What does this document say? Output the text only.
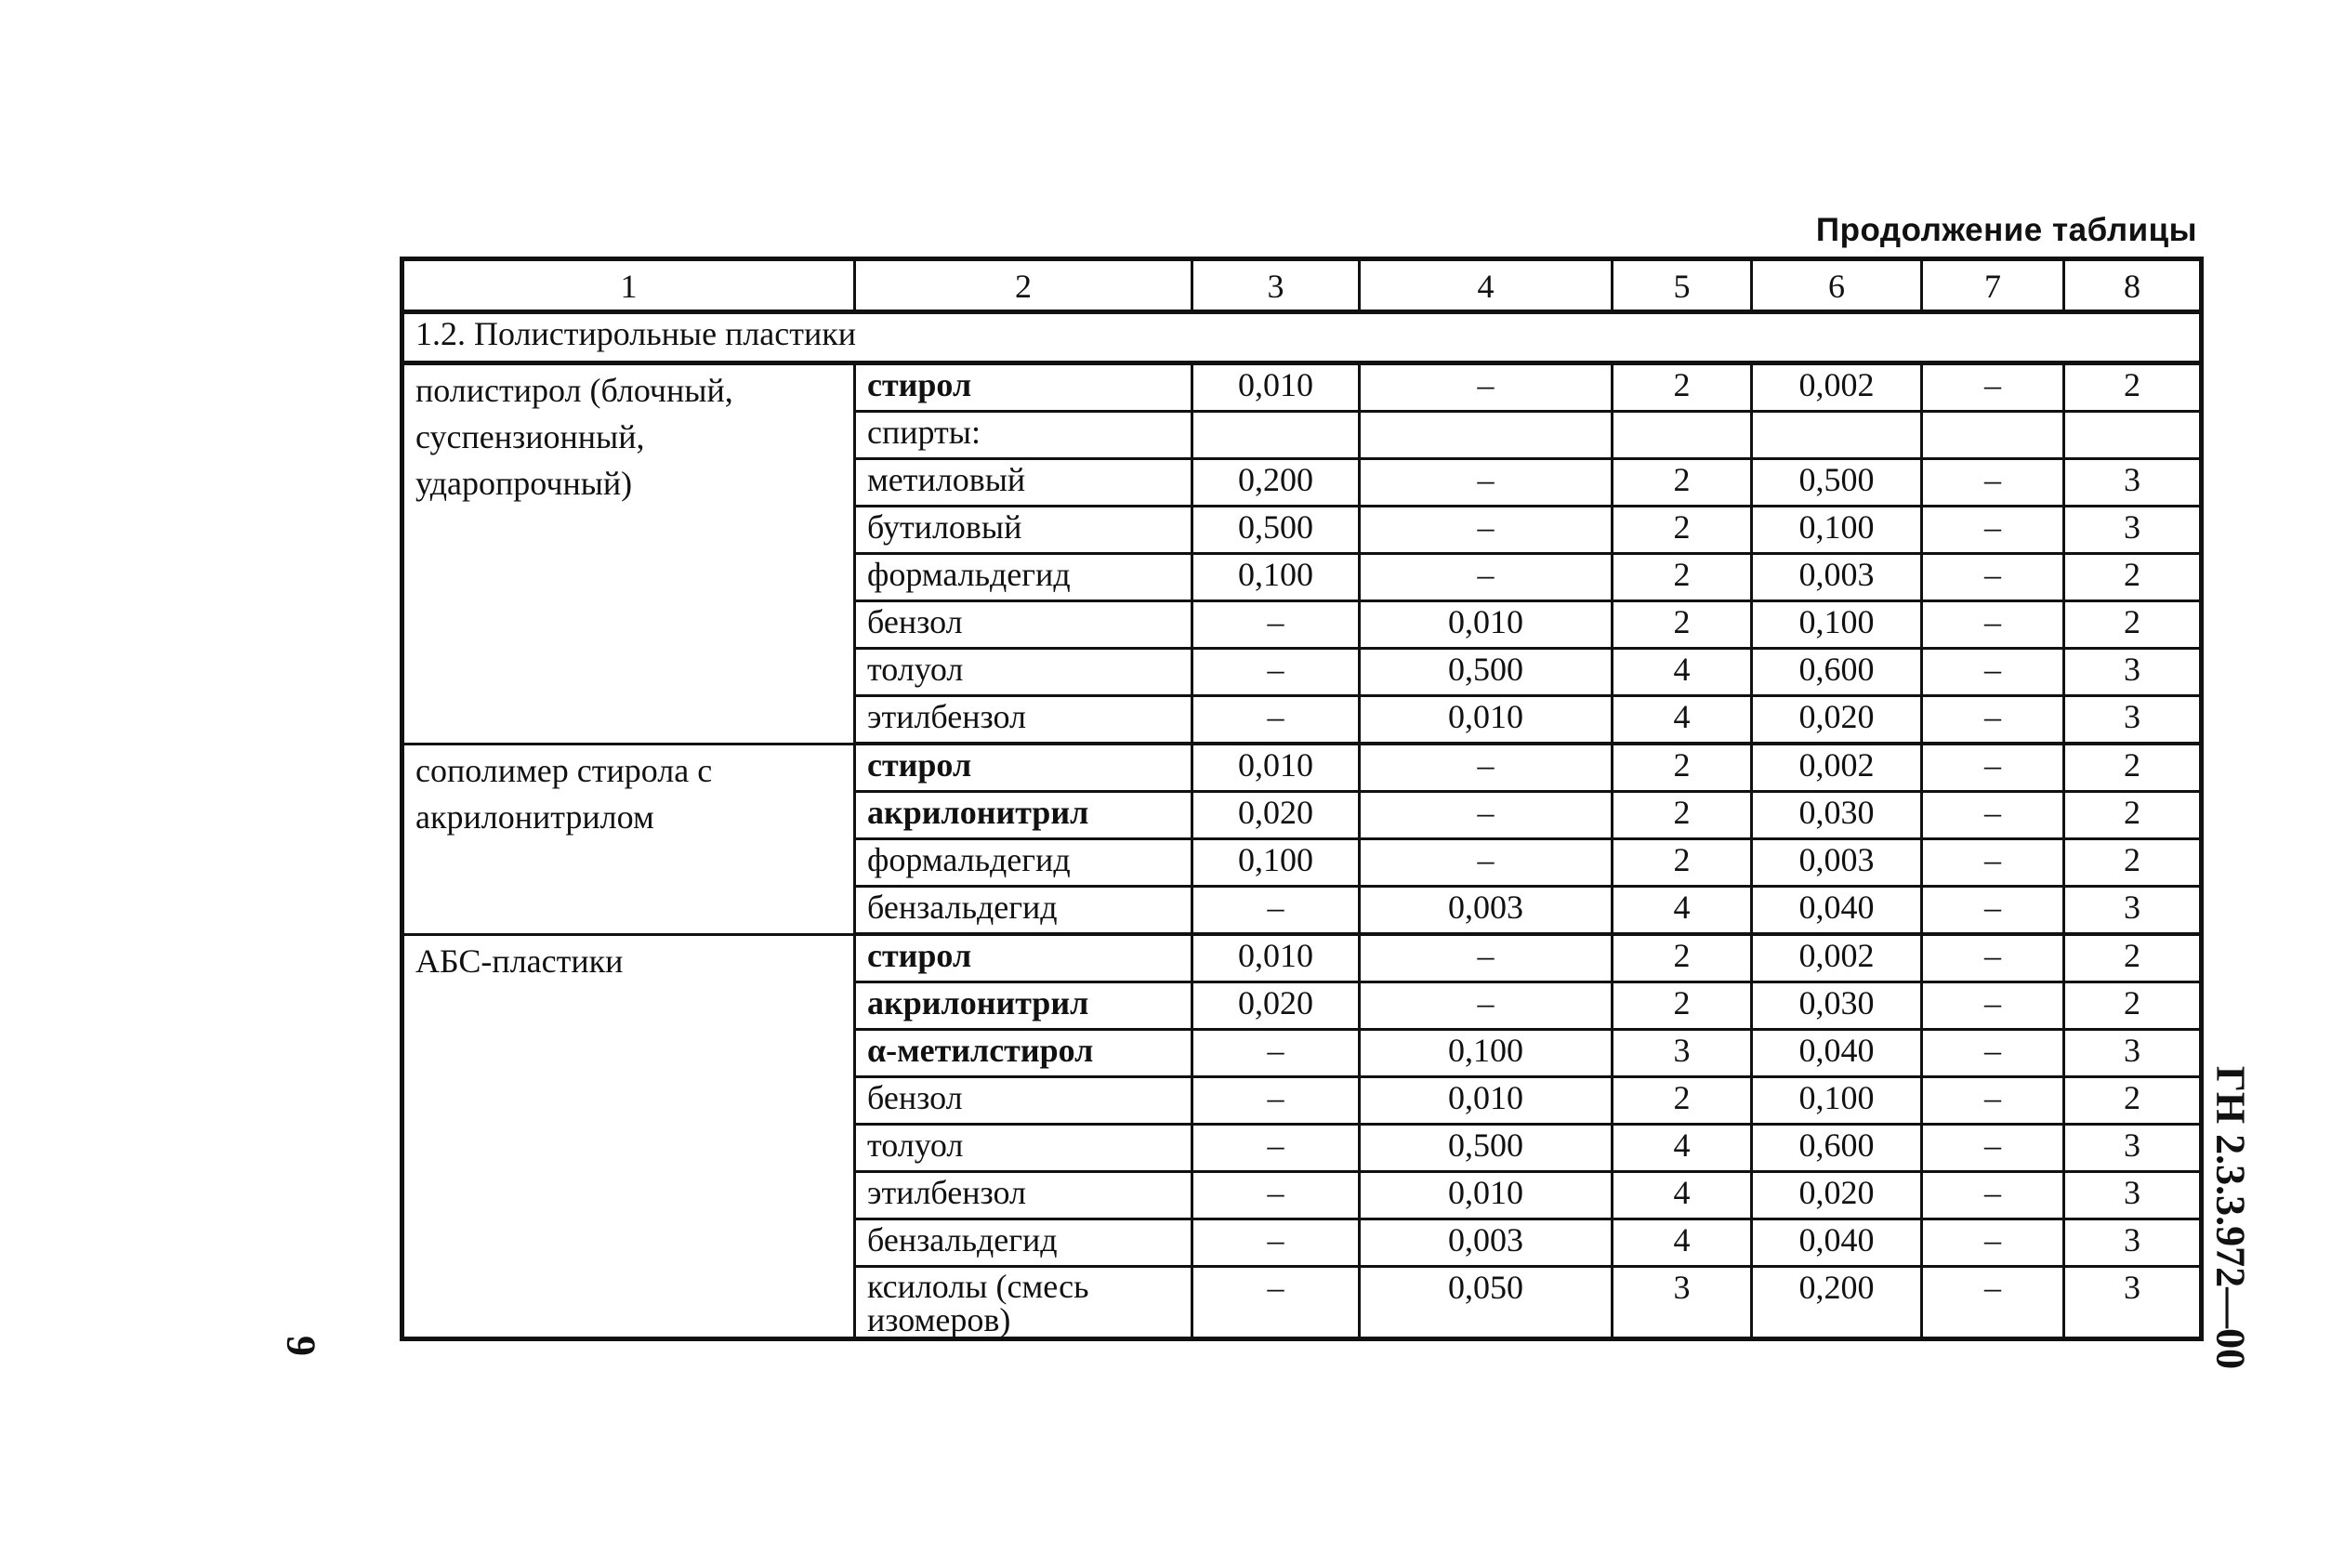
Продолжение таблицы
1	2	3	4	5	6	7	8
1.2. Полистирольные пластики							
полистирол (блочный, суспензионный, ударопрочный)	стирол	0,010	–	2	0,002	–	2
	спирты:						
	метиловый	0,200	–	2	0,500	–	3
	бутиловый	0,500	–	2	0,100	–	3
	формальдегид	0,100	–	2	0,003	–	2
	бензол	–	0,010	2	0,100	–	2
	толуол	–	0,500	4	0,600	–	3
	этилбензол	–	0,010	4	0,020	–	3
сополимер стирола с акрилонитрилом	стирол	0,010	–	2	0,002	–	2
	акрилонитрил	0,020	–	2	0,030	–	2
	формальдегид	0,100	–	2	0,003	–	2
	бензальдегид	–	0,003	4	0,040	–	3
АБС-пластики	стирол	0,010	–	2	0,002	–	2
	акрилонитрил	0,020	–	2	0,030	–	2
	α-метилстирол	–	0,100	3	0,040	–	3
	бензол	–	0,010	2	0,100	–	2
	толуол	–	0,500	4	0,600	–	3
	этилбензол	–	0,010	4	0,020	–	3
	бензальдегид	–	0,003	4	0,040	–	3
	ксилолы (смесь изомеров)	–	0,050	3	0,200	–	3 ГН 2.3.3.972—00
9
